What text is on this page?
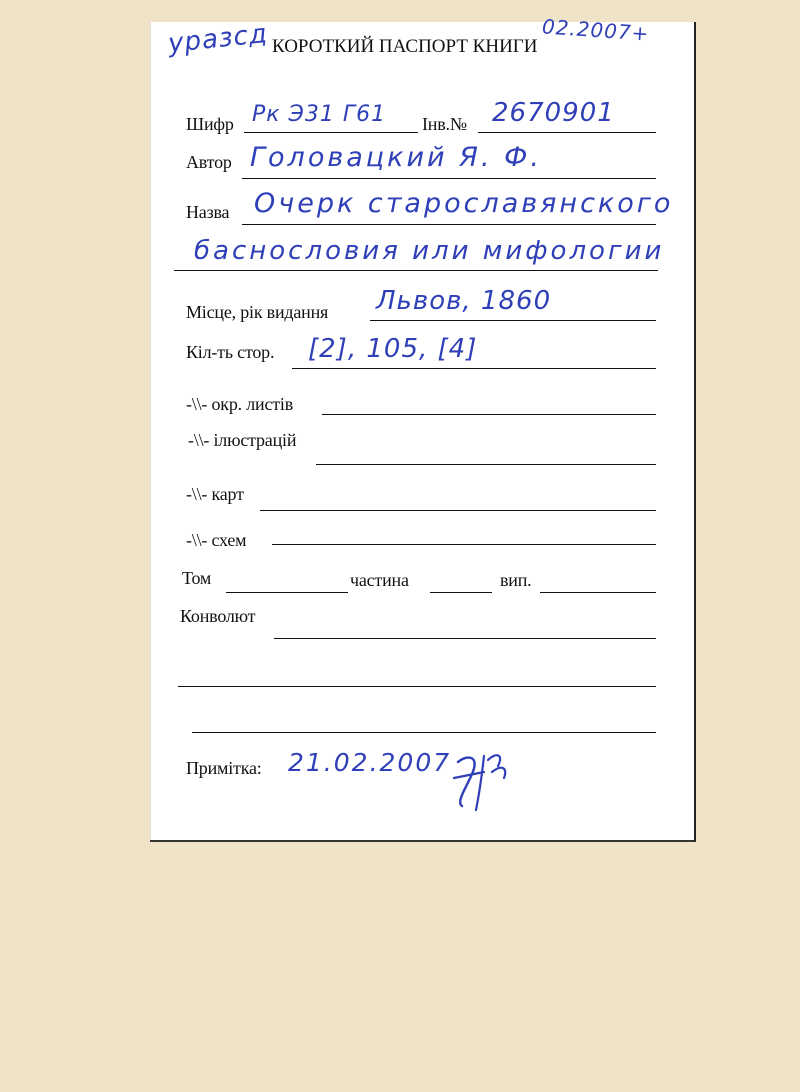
уразсд	02.2007+
КОРОТКИЙ ПАСПОРТ КНИГИ
Шифр Рк Э31 Г61 Інв.№ 2670901
Автор Головацкий Я. Ф.
Назва Очерк старославянского
баснословия или мифологии
Місце, рік видання Львов, 1860
Кіл-ть стор. [2], 105, [4]
-\\- окр. листів
-\\- ілюстрацій
-\\- карт
-\\- схем
Том	частина	вип.
Конволют
Примітка: 21.02.2007
